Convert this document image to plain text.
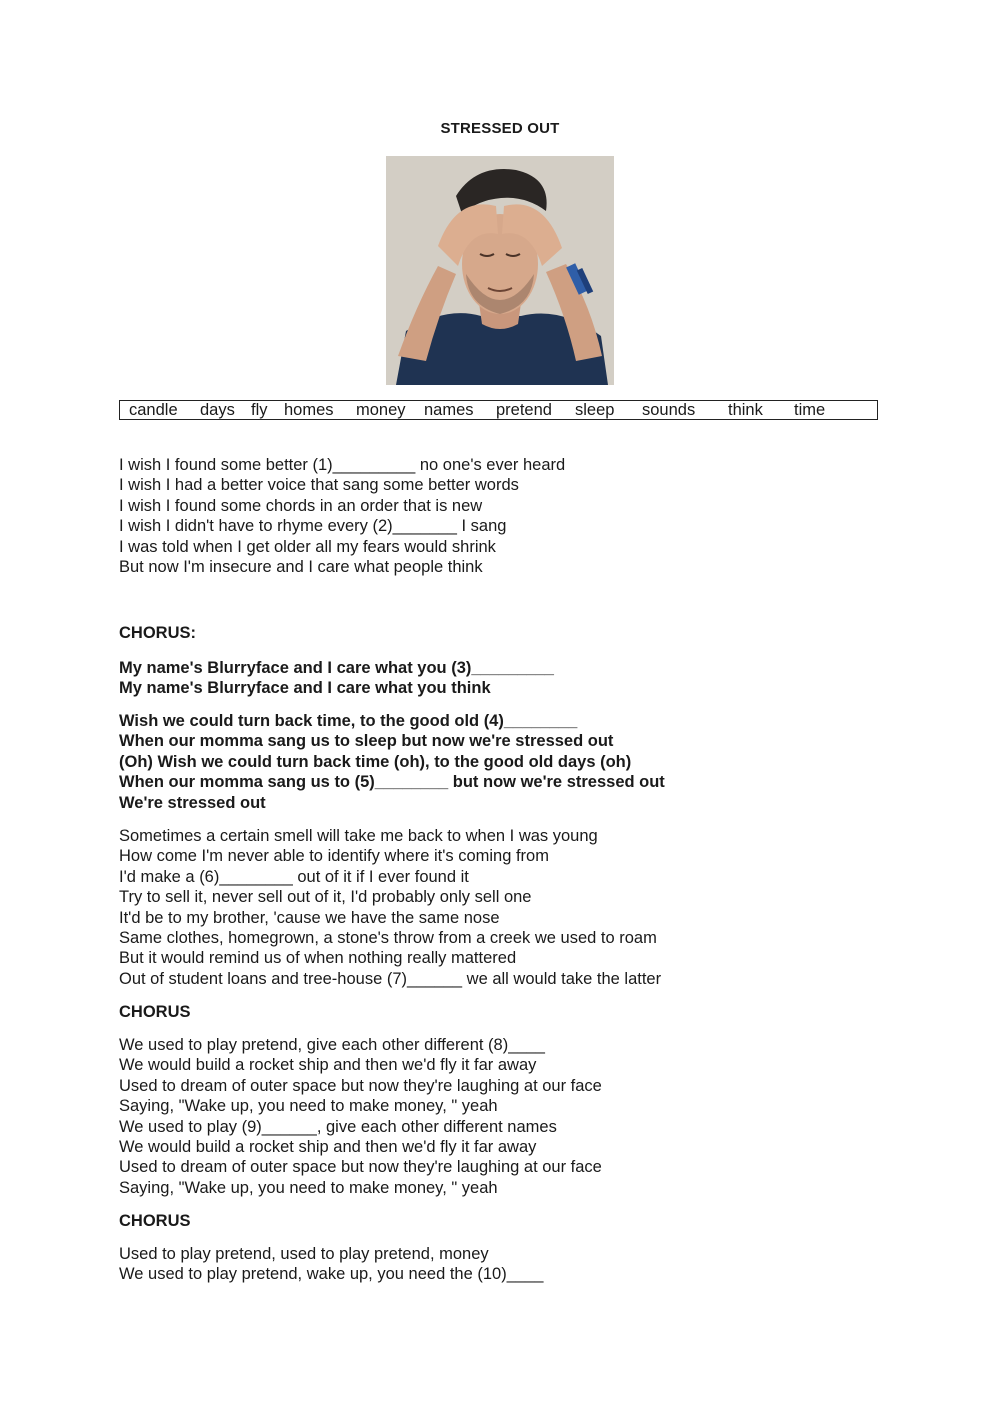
STRESSED OUT
candle days fly homes money names pretend sleep sounds think time
I wish I found some better (1)_________ no one's ever heard
I wish I had a better voice that sang some better words
I wish I found some chords in an order that is new
I wish I didn't have to rhyme every (2)_______ I sang
I was told when I get older all my fears would shrink
But now I'm insecure and I care what people think
CHORUS:
My name's Blurryface and I care what you (3)_________
My name's Blurryface and I care what you think
Wish we could turn back time, to the good old (4)________
When our momma sang us to sleep but now we're stressed out
(Oh) Wish we could turn back time (oh), to the good old days (oh)
When our momma sang us to (5)________ but now we're stressed out
We're stressed out
Sometimes a certain smell will take me back to when I was young
How come I'm never able to identify where it's coming from
I'd make a (6)________ out of it if I ever found it
Try to sell it, never sell out of it, I'd probably only sell one
It'd be to my brother, 'cause we have the same nose
Same clothes, homegrown, a stone's throw from a creek we used to roam
But it would remind us of when nothing really mattered
Out of student loans and tree-house (7)______ we all would take the latter
CHORUS
We used to play pretend, give each other different (8)____
We would build a rocket ship and then we'd fly it far away
Used to dream of outer space but now they're laughing at our face
Saying, "Wake up, you need to make money, " yeah
We used to play (9)______, give each other different names
We would build a rocket ship and then we'd fly it far away
Used to dream of outer space but now they're laughing at our face
Saying, "Wake up, you need to make money, " yeah
CHORUS
Used to play pretend, used to play pretend, money
We used to play pretend, wake up, you need the (10)____
